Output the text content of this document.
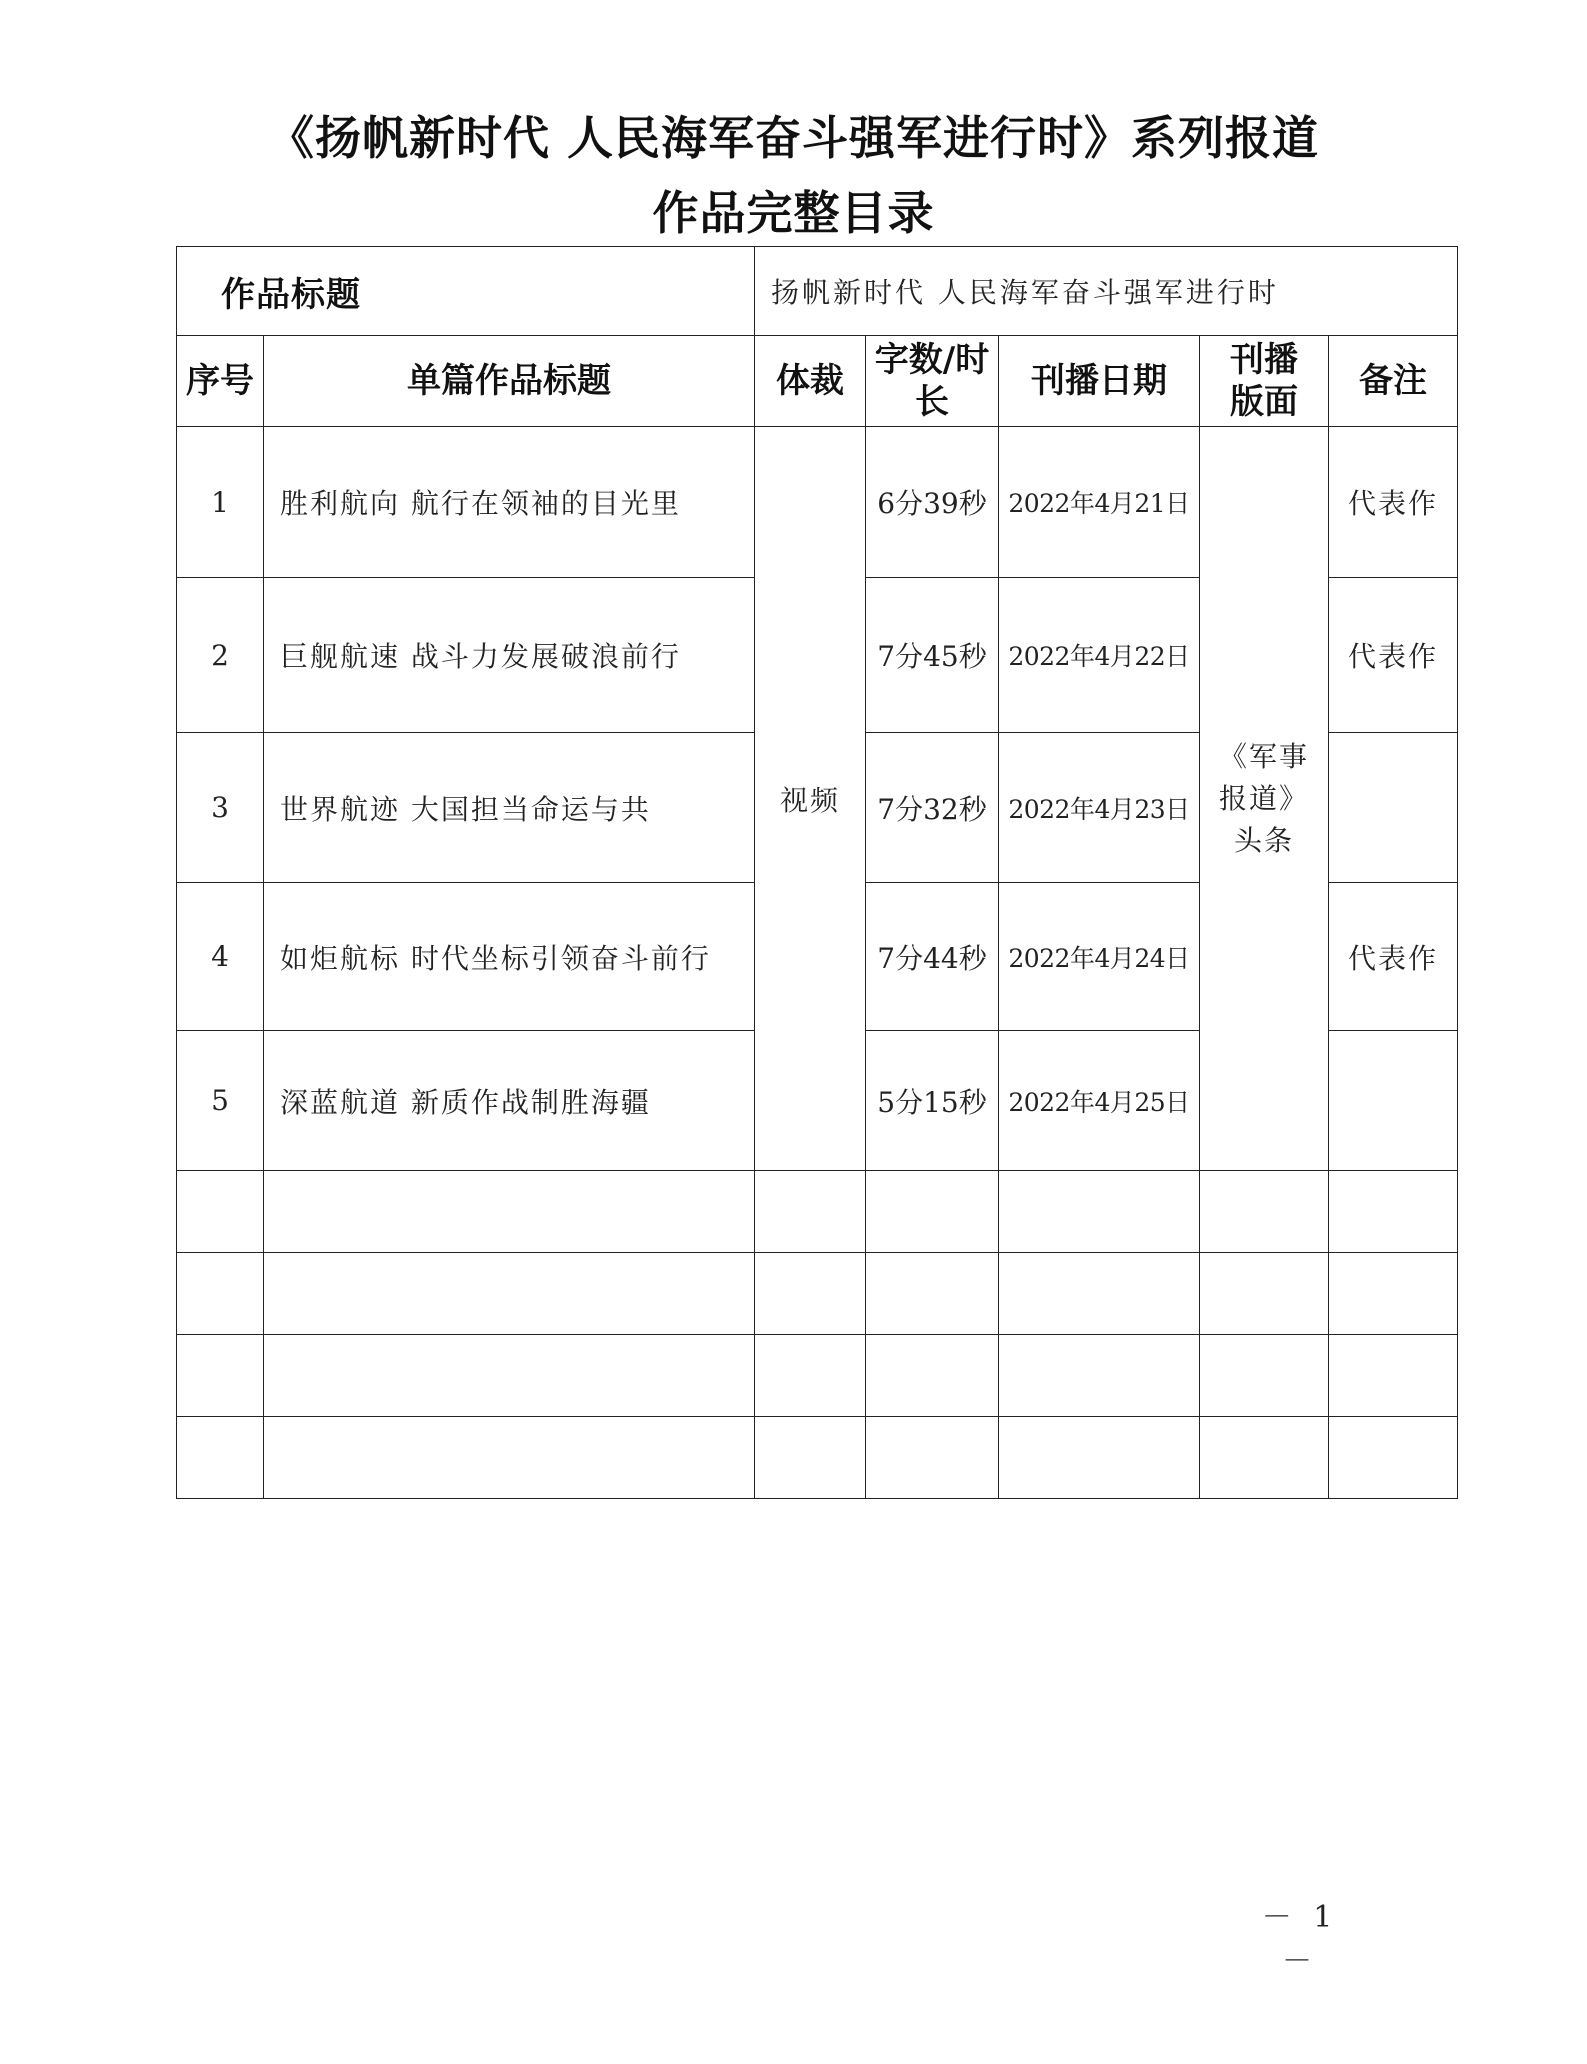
《扬帆新时代 人民海军奋斗强军进行时》系列报道
作品完整目录
作品标题		扬帆新时代 人民海军奋斗强军进行时				
序号	单篇作品标题	体裁	字数/时长	刊播日期	刊播版面	备注
1	胜利航向 航行在领袖的目光里	视频	6分39秒	2022年4月21日	《军事报道》头条	代表作
2	巨舰航速 战斗力发展破浪前行		7分45秒	2022年4月22日		代表作
3	世界航迹 大国担当命运与共		7分32秒	2022年4月23日		
4	如炬航标 时代坐标引领奋斗前行		7分44秒	2022年4月24日		代表作
5	深蓝航道 新质作战制胜海疆		5分15秒	2022年4月25日		

－ 1 －
